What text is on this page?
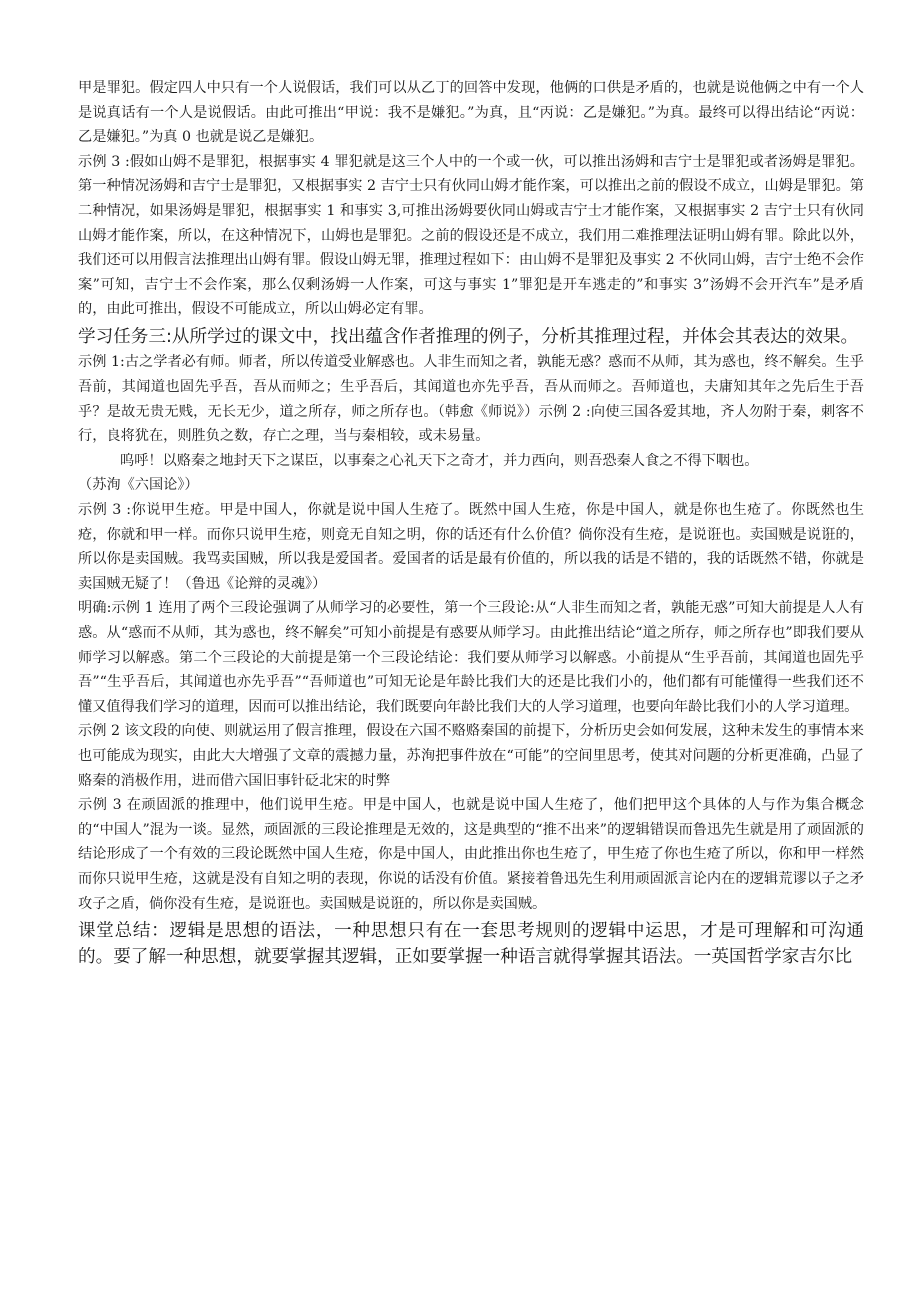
甲是罪犯。假定四人中只有一个人说假话，我们可以从乙丁的回答中发现，他俩的口供是矛盾的，也就是说他俩之中有一个人是说真话有一个人是说假话。由此可推出“甲说：我不是嫌犯。”为真，且“丙说：乙是嫌犯。”为真。最终可以得出结论“丙说：乙是嫌犯。”为真 0 也就是说乙是嫌犯。

示例 3 :假如山姆不是罪犯，根据事实 4 罪犯就是这三个人中的一个或一伙，可以推出汤姆和吉宁士是罪犯或者汤姆是罪犯。第一种情况汤姆和吉宁士是罪犯，又根据事实 2 吉宁士只有伙同山姆才能作案，可以推出之前的假设不成立，山姆是罪犯。第二种情况，如果汤姆是罪犯，根据事实 1 和事实 3,可推出汤姆要伙同山姆或吉宁士才能作案，又根据事实 2 吉宁士只有伙同山姆才能作案，所以，在这种情况下，山姆也是罪犯。之前的假设还是不成立，我们用二难推理法证明山姆有罪。除此以外，我们还可以用假言法推理出山姆有罪。假设山姆无罪，推理过程如下：由山姆不是罪犯及事实 2 不伙同山姆，吉宁士绝不会作案”可知，吉宁士不会作案，那么仅剩汤姆一人作案，可这与事实 1”罪犯是开车逃走的”和事实 3”汤姆不会开汽车”是矛盾的，由此可推出，假设不可能成立，所以山姆必定有罪。

学习任务三:从所学过的课文中，找出蕴含作者推理的例子，分析其推理过程，并体会其表达的效果。

示例 1:古之学者必有师。师者，所以传道受业解惑也。人非生而知之者，孰能无惑？惑而不从师，其为惑也，终不解矣。生乎吾前，其闻道也固先乎吾，吾从而师之；生乎吾后，其闻道也亦先乎吾，吾从而师之。吾师道也，夫庸知其年之先后生于吾乎？是故无贵无贱，无长无少，道之所存，师之所存也。（韩愈《师说》）示例 2 :向使三国各爱其地，齐人勿附于秦，刺客不行，良将犹在，则胜负之数，存亡之理，当与秦相较，或未易量。

呜呼！以赂秦之地封天下之谋臣，以事秦之心礼天下之奇才，并力西向，则吾恐秦人食之不得下咽也。

（苏洵《六国论》）

示例 3 :你说甲生疮。甲是中国人，你就是说中国人生疮了。既然中国人生疮，你是中国人，就是你也生疮了。你既然也生疮，你就和甲一样。而你只说甲生疮，则竟无自知之明，你的话还有什么价值？倘你没有生疮，是说诳也。卖国贼是说诳的，所以你是卖国贼。我骂卖国贼，所以我是爱国者。爱国者的话是最有价值的，所以我的话是不错的，我的话既然不错，你就是卖国贼无疑了！（鲁迅《论辩的灵魂》）

明确:示例 1 连用了两个三段论强调了从师学习的必要性，第一个三段论:从“人非生而知之者，孰能无惑”可知大前提是人人有惑。从“惑而不从师，其为惑也，终不解矣”可知小前提是有惑要从师学习。由此推出结论“道之所存，师之所存也”即我们要从师学习以解惑。第二个三段论的大前提是第一个三段论结论：我们要从师学习以解惑。小前提从“生乎吾前，其闻道也固先乎吾”“生乎吾后，其闻道也亦先乎吾”“吾师道也”可知无论是年龄比我们大的还是比我们小的，他们都有可能懂得一些我们还不懂又值得我们学习的道理，因而可以推出结论，我们既要向年龄比我们大的人学习道理，也要向年龄比我们小的人学习道理。

示例 2 该文段的向使、则就运用了假言推理，假设在六国不赂赂秦国的前提下，分析历史会如何发展，这种未发生的事情本来也可能成为现实，由此大大增强了文章的震撼力量，苏洵把事件放在“可能”的空间里思考，使其对问题的分析更准确，凸显了赂秦的消极作用，进而借六国旧事针砭北宋的时弊

示例 3 在顽固派的推理中，他们说甲生疮。甲是中国人，也就是说中国人生疮了，他们把甲这个具体的人与作为集合概念的“中国人”混为一谈。显然，顽固派的三段论推理是无效的，这是典型的“推不出来”的逻辑错误而鲁迅先生就是用了顽固派的结论形成了一个有效的三段论既然中国人生疮，你是中国人，由此推出你也生疮了，甲生疮了你也生疮了所以，你和甲一样然而你只说甲生疮，这就是没有自知之明的表现，你说的话没有价值。紧接着鲁迅先生利用顽固派言论内在的逻辑荒谬以子之矛攻子之盾，倘你没有生疮，是说诳也。卖国贼是说诳的，所以你是卖国贼。

课堂总结：逻辑是思想的语法，一种思想只有在一套思考规则的逻辑中运思，才是可理解和可沟通的。要了解一种思想，就要掌握其逻辑，正如要掌握一种语言就得掌握其语法。一英国哲学家吉尔比
